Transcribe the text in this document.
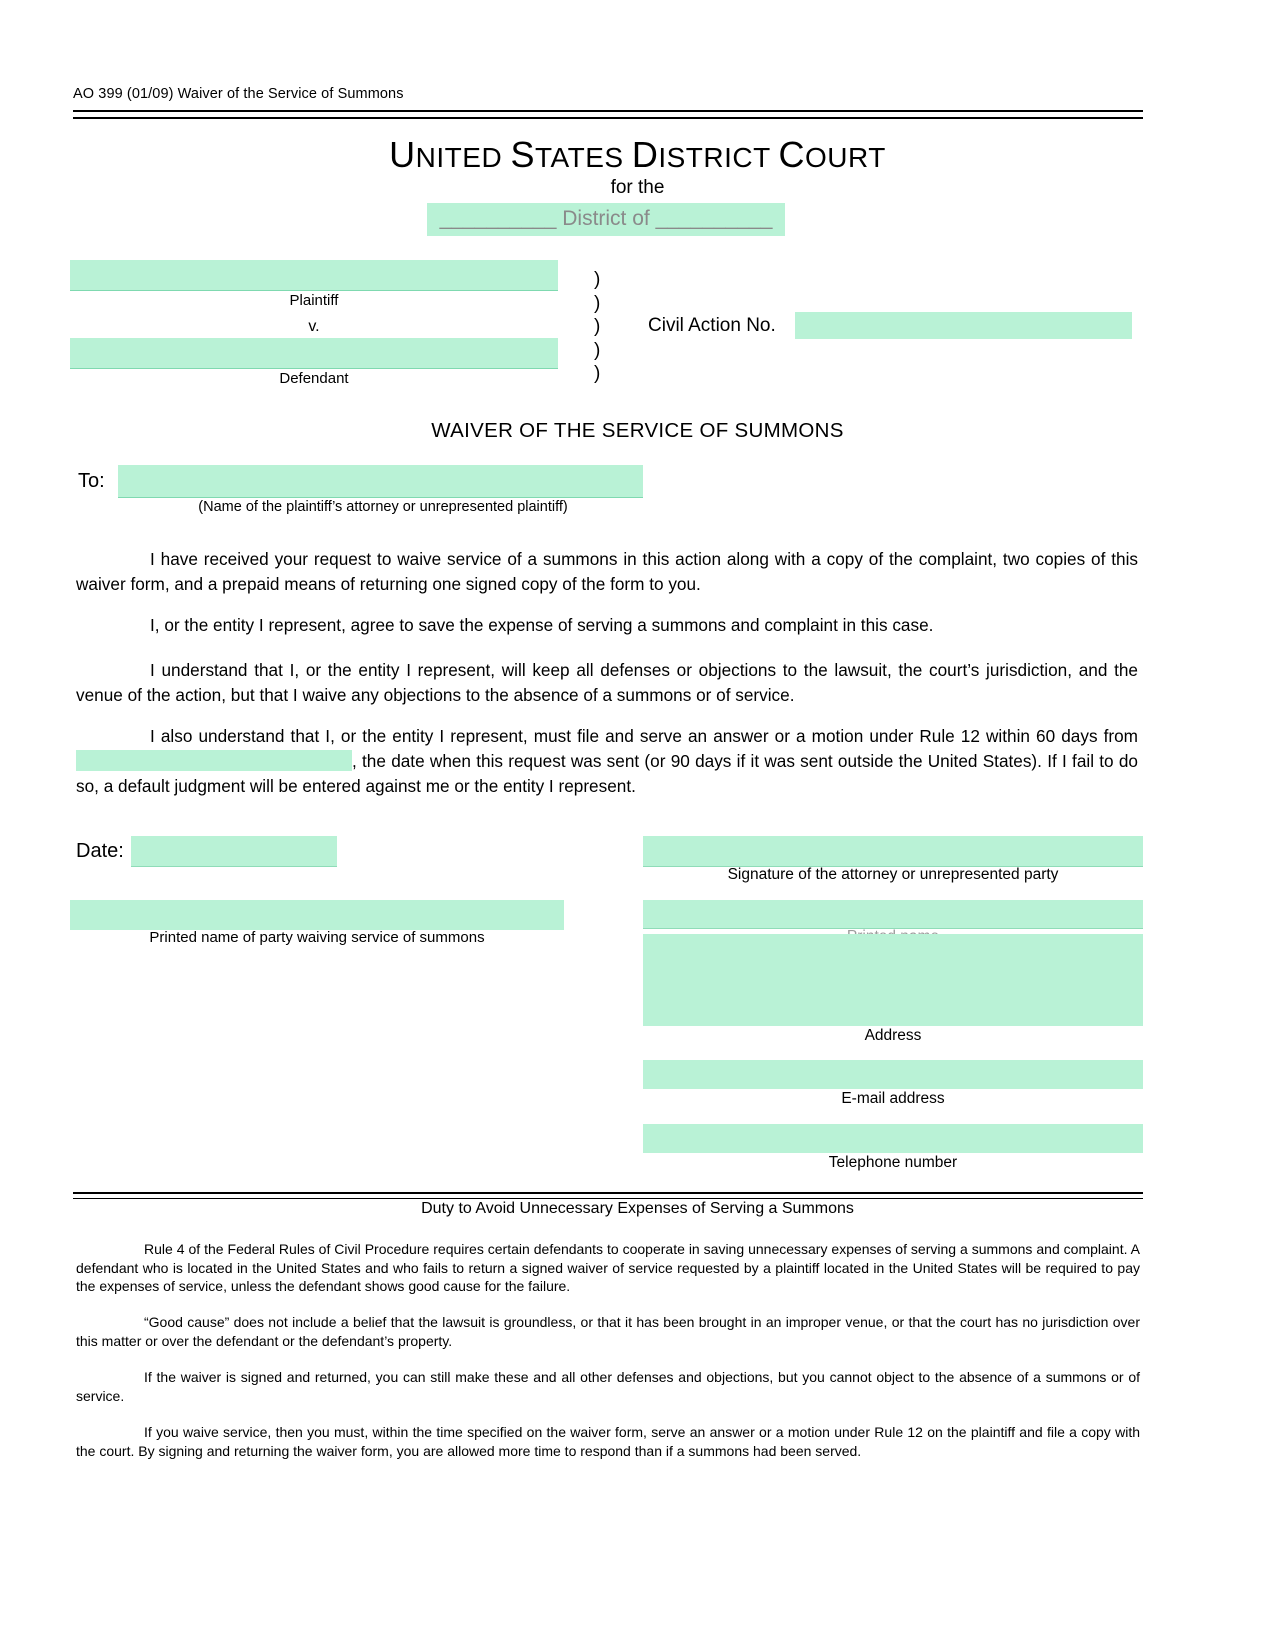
AO 399 (01/09) Waiver of the Service of Summons
UNITED STATES DISTRICT COURT
for the
__________ District of __________
Plaintiff
v.
Defendant
)
)
)
)
)
Civil Action No.
WAIVER OF THE SERVICE OF SUMMONS
To:
(Name of the plaintiff’s attorney or unrepresented plaintiff)
I have received your request to waive service of a summons in this action along with a copy of the complaint, two copies of this waiver form, and a prepaid means of returning one signed copy of the form to you.
I, or the entity I represent, agree to save the expense of serving a summons and complaint in this case.
I understand that I, or the entity I represent, will keep all defenses or objections to the lawsuit, the court’s jurisdiction, and the venue of the action, but that I waive any objections to the absence of a summons or of service.
I also understand that I, or the entity I represent, must file and serve an answer or a motion under Rule 12 within 60 days from , the date when this request was sent (or 90 days if it was sent outside the United States). If I fail to do so, a default judgment will be entered against me or the entity I represent.
Date:
Printed name of party waiving service of summons
Signature of the attorney or unrepresented party
Address
E-mail address
Telephone number
Duty to Avoid Unnecessary Expenses of Serving a Summons
Rule 4 of the Federal Rules of Civil Procedure requires certain defendants to cooperate in saving unnecessary expenses of serving a summons and complaint. A defendant who is located in the United States and who fails to return a signed waiver of service requested by a plaintiff located in the United States will be required to pay the expenses of service, unless the defendant shows good cause for the failure.
“Good cause” does not include a belief that the lawsuit is groundless, or that it has been brought in an improper venue, or that the court has no jurisdiction over this matter or over the defendant or the defendant’s property.
If the waiver is signed and returned, you can still make these and all other defenses and objections, but you cannot object to the absence of a summons or of service.
If you waive service, then you must, within the time specified on the waiver form, serve an answer or a motion under Rule 12 on the plaintiff and file a copy with the court. By signing and returning the waiver form, you are allowed more time to respond than if a summons had been served.
